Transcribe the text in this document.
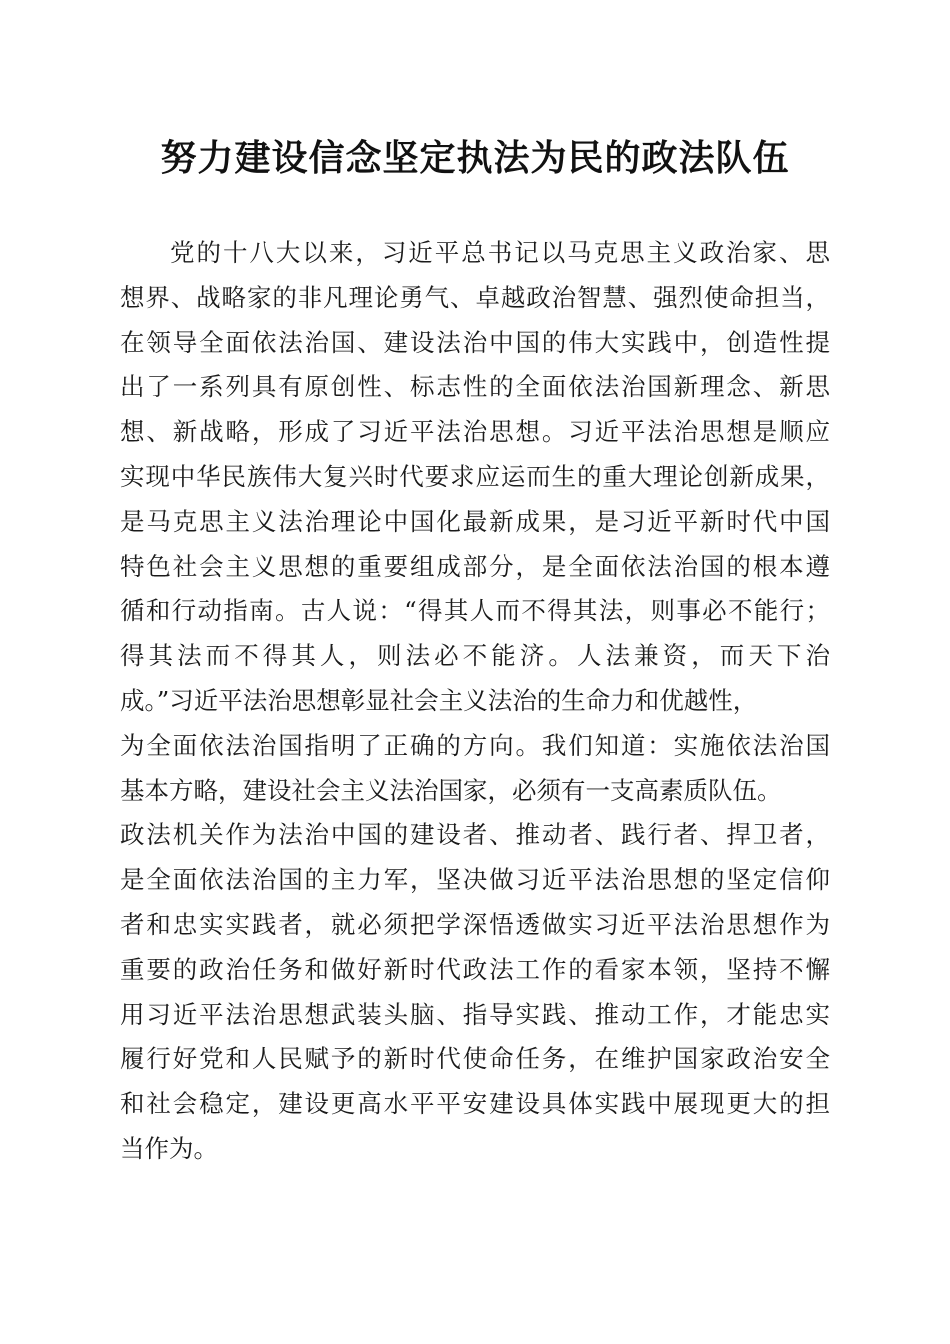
努力建设信念坚定执法为民的政法队伍
党的十八大以来，习近平总书记以马克思主义政治家、思
想界、战略家的非凡理论勇气、卓越政治智慧、强烈使命担当，
在领导全面依法治国、建设法治中国的伟大实践中，创造性提
出了一系列具有原创性、标志性的全面依法治国新理念、新思
想、新战略，形成了习近平法治思想。习近平法治思想是顺应
实现中华民族伟大复兴时代要求应运而生的重大理论创新成果，
是马克思主义法治理论中国化最新成果，是习近平新时代中国
特色社会主义思想的重要组成部分，是全面依法治国的根本遵
循和行动指南。古人说：“得其人而不得其法，则事必不能行；
得其法而不得其人，则法必不能济。人法兼资，而天下治
成。”习近平法治思想彰显社会主义法治的生命力和优越性，
为全面依法治国指明了正确的方向。我们知道：实施依法治国
基本方略，建设社会主义法治国家，必须有一支高素质队伍。
政法机关作为法治中国的建设者、推动者、践行者、捍卫者，
是全面依法治国的主力军，坚决做习近平法治思想的坚定信仰
者和忠实实践者，就必须把学深悟透做实习近平法治思想作为
重要的政治任务和做好新时代政法工作的看家本领，坚持不懈
用习近平法治思想武装头脑、指导实践、推动工作，才能忠实
履行好党和人民赋予的新时代使命任务，在维护国家政治安全
和社会稳定，建设更高水平平安建设具体实践中展现更大的担
当作为。
